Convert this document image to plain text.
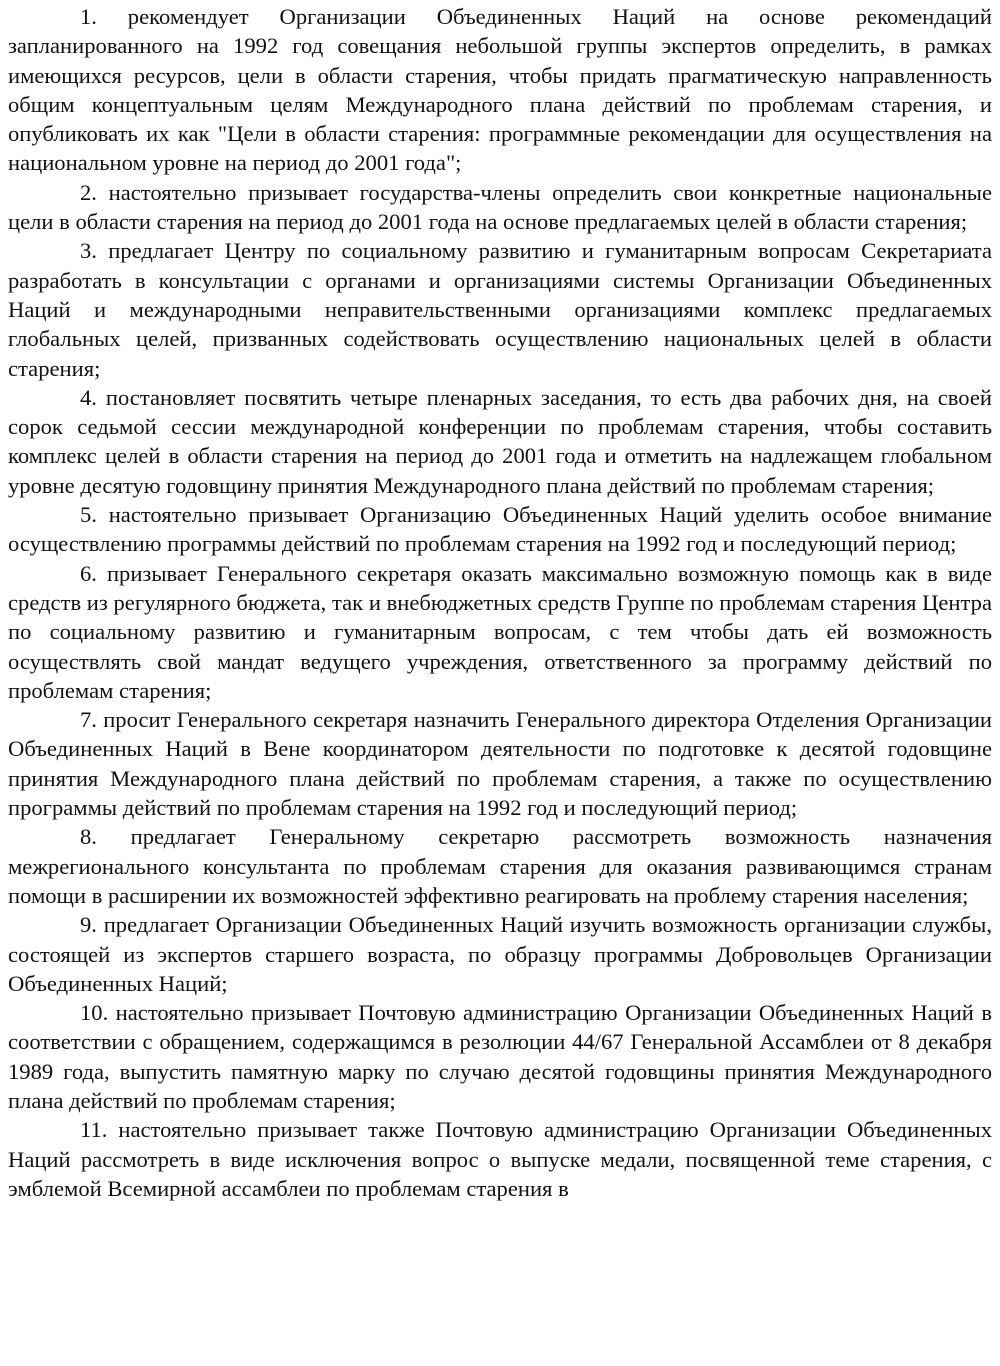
1. рекомендует Организации Объединенных Наций на основе рекомендаций запланированного на 1992 год совещания небольшой группы экспертов определить, в рамках имеющихся ресурсов, цели в области старения, чтобы придать прагматическую направленность общим концептуальным целям Международного плана действий по проблемам старения, и опубликовать их как "Цели в области старения: программные рекомендации для осуществления на национальном уровне на период до 2001 года";

2. настоятельно призывает государства-члены определить свои конкретные национальные цели в области старения на период до 2001 года на основе предлагаемых целей в области старения;

3. предлагает Центру по социальному развитию и гуманитарным вопросам Секретариата разработать в консультации с органами и организациями системы Организации Объединенных Наций и международными неправительственными организациями комплекс предлагаемых глобальных целей, призванных содействовать осуществлению национальных целей в области старения;

4. постановляет посвятить четыре пленарных заседания, то есть два рабочих дня, на своей сорок седьмой сессии международной конференции по проблемам старения, чтобы составить комплекс целей в области старения на период до 2001 года и отметить на надлежащем глобальном уровне десятую годовщину принятия Международного плана действий по проблемам старения;

5. настоятельно призывает Организацию Объединенных Наций уделить особое внимание осуществлению программы действий по проблемам старения на 1992 год и последующий период;

6. призывает Генерального секретаря оказать максимально возможную помощь как в виде средств из регулярного бюджета, так и внебюджетных средств Группе по проблемам старения Центра по социальному развитию и гуманитарным вопросам, с тем чтобы дать ей возможность осуществлять свой мандат ведущего учреждения, ответственного за программу действий по проблемам старения;

7. просит Генерального секретаря назначить Генерального директора Отделения Организации Объединенных Наций в Вене координатором деятельности по подготовке к десятой годовщине принятия Международного плана действий по проблемам старения, а также по осуществлению программы действий по проблемам старения на 1992 год и последующий период;

8. предлагает Генеральному секретарю рассмотреть возможность назначения межрегионального консультанта по проблемам старения для оказания развивающимся странам помощи в расширении их возможностей эффективно реагировать на проблему старения населения;

9. предлагает Организации Объединенных Наций изучить возможность организации службы, состоящей из экспертов старшего возраста, по образцу программы Добровольцев Организации Объединенных Наций;

10. настоятельно призывает Почтовую администрацию Организации Объединенных Наций в соответствии с обращением, содержащимся в резолюции 44/67 Генеральной Ассамблеи от 8 декабря 1989 года, выпустить памятную марку по случаю десятой годовщины принятия Международного плана действий по проблемам старения;

11. настоятельно призывает также Почтовую администрацию Организации Объединенных Наций рассмотреть в виде исключения вопрос о выпуске медали, посвященной теме старения, с эмблемой Всемирной ассамблеи по проблемам старения в
